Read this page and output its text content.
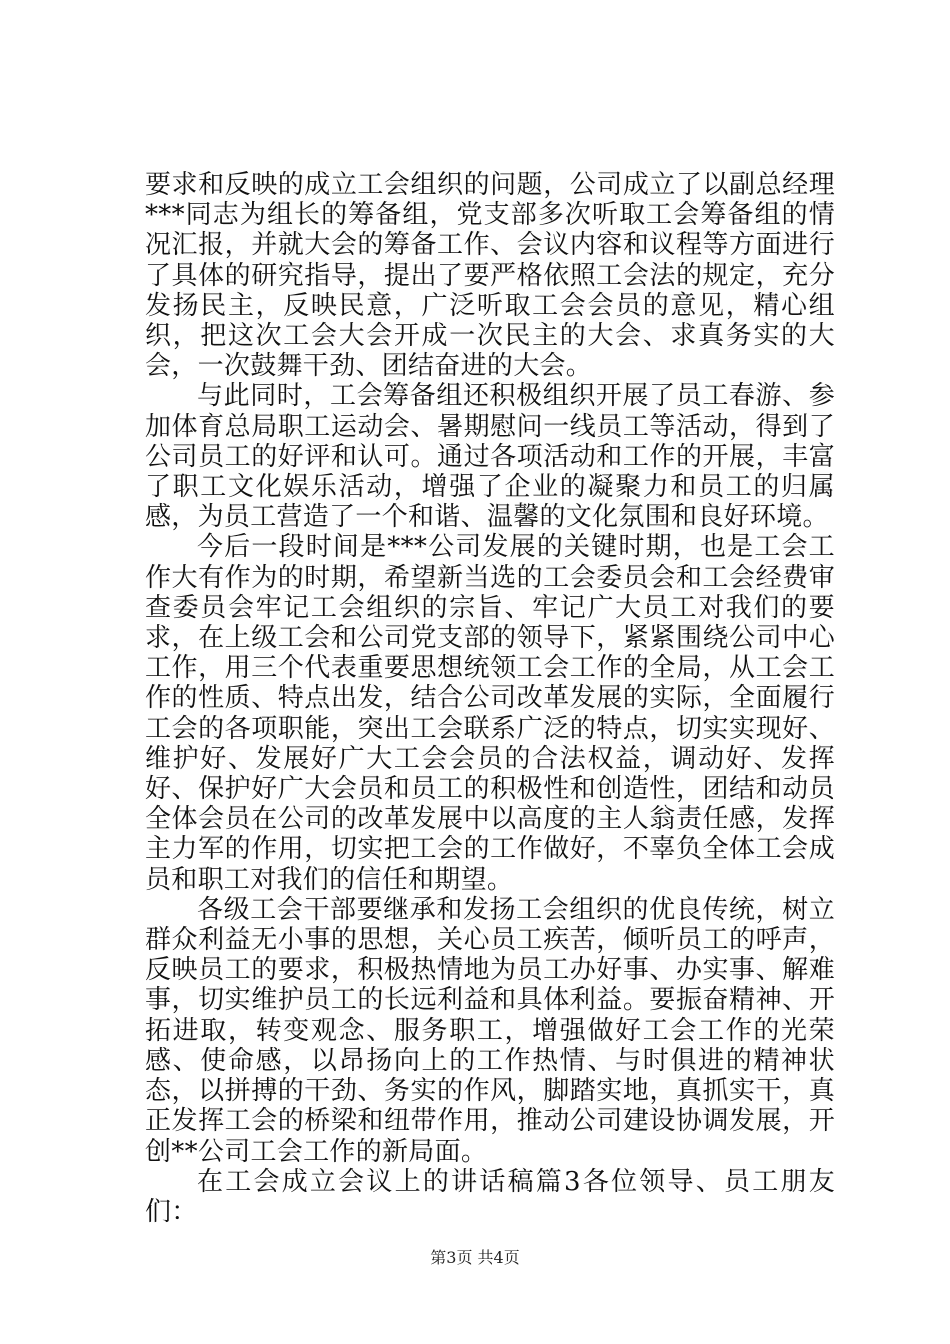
要求和反映的成立工会组织的问题，公司成立了以副总经理***同志为组长的筹备组，党支部多次听取工会筹备组的情况汇报，并就大会的筹备工作、会议内容和议程等方面进行了具体的研究指导，提出了要严格依照工会法的规定，充分发扬民主，反映民意，广泛听取工会会员的意见，精心组织，把这次工会大会开成一次民主的大会、求真务实的大会，一次鼓舞干劲、团结奋进的大会。

与此同时，工会筹备组还积极组织开展了员工春游、参加体育总局职工运动会、暑期慰问一线员工等活动，得到了公司员工的好评和认可。通过各项活动和工作的开展，丰富了职工文化娱乐活动，增强了企业的凝聚力和员工的归属感，为员工营造了一个和谐、温馨的文化氛围和良好环境。

今后一段时间是***公司发展的关键时期，也是工会工作大有作为的时期，希望新当选的工会委员会和工会经费审查委员会牢记工会组织的宗旨、牢记广大员工对我们的要求，在上级工会和公司党支部的领导下，紧紧围绕公司中心工作，用三个代表重要思想统领工会工作的全局，从工会工作的性质、特点出发，结合公司改革发展的实际，全面履行工会的各项职能，突出工会联系广泛的特点，切实实现好、维护好、发展好广大工会会员的合法权益，调动好、发挥好、保护好广大会员和员工的积极性和创造性，团结和动员全体会员在公司的改革发展中以高度的主人翁责任感，发挥主力军的作用，切实把工会的工作做好，不辜负全体工会成员和职工对我们的信任和期望。

各级工会干部要继承和发扬工会组织的优良传统，树立群众利益无小事的思想，关心员工疾苦，倾听员工的呼声，反映员工的要求，积极热情地为员工办好事、办实事、解难事，切实维护员工的长远利益和具体利益。要振奋精神、开拓进取，转变观念、服务职工，增强做好工会工作的光荣感、使命感，以昂扬向上的工作热情、与时俱进的精神状态，以拼搏的干劲、务实的作风，脚踏实地，真抓实干，真正发挥工会的桥梁和纽带作用，推动公司建设协调发展，开创**公司工会工作的新局面。

在工会成立会议上的讲话稿篇3各位领导、员工朋友们：

第3页 共4页
